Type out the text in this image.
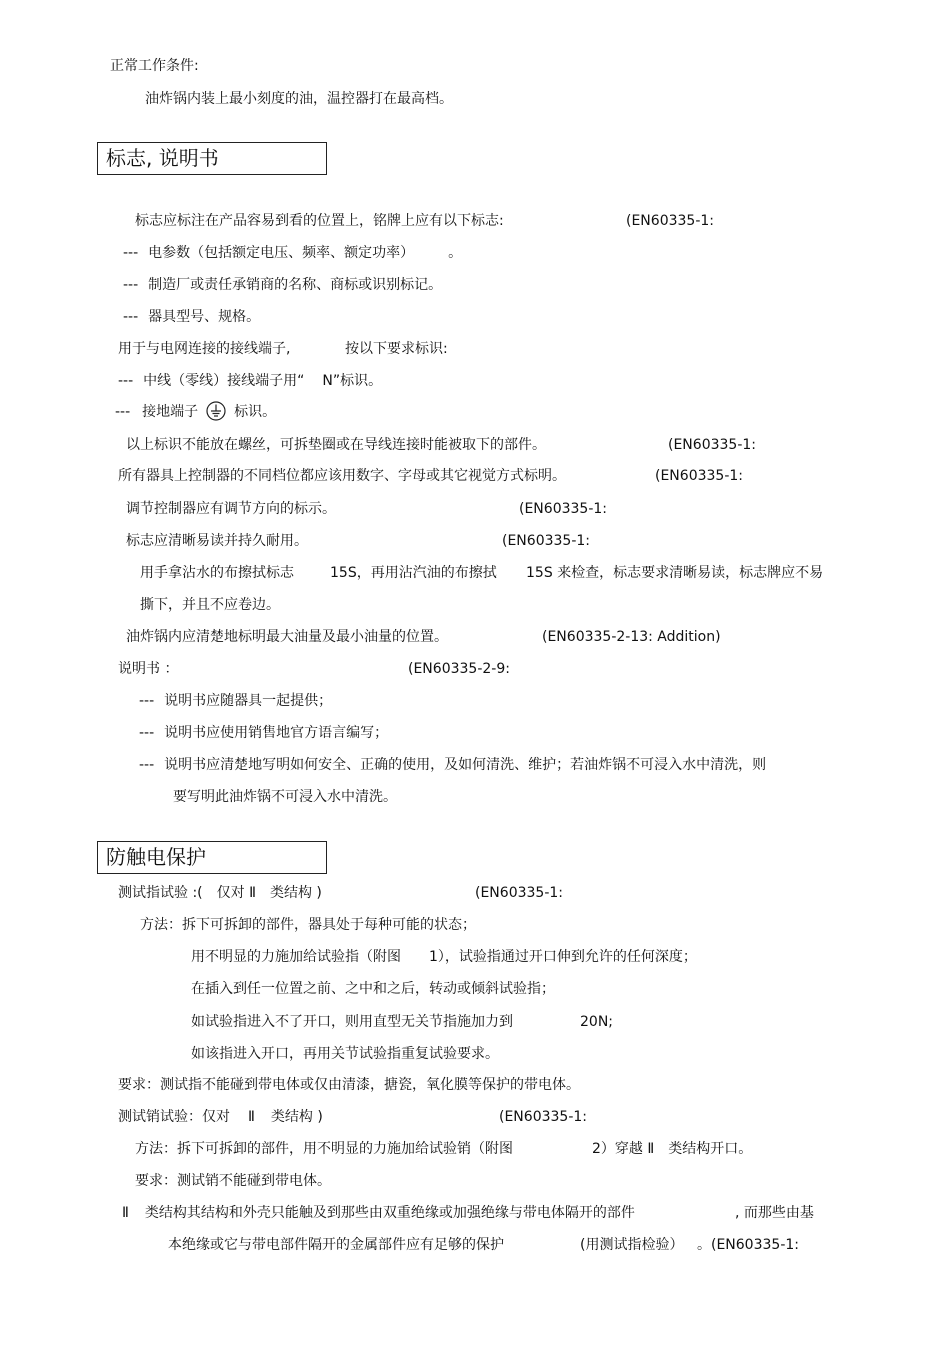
正常工作条件:
油炸锅内装上最小刻度的油，温控器打在最高档。
标志, 说明书
标志应标注在产品容易到看的位置上，铭牌上应有以下标志:	(EN60335-1:
--- 电参数（包括额定电压、频率、额定功率） 。
--- 制造厂或责任承销商的名称、商标或识别标记。
--- 器具型号、规格。
用于与电网连接的接线端子,	按以下要求标识:
--- 中线（零线）接线端子用“ N”标识。
--- 接地端子	标识。
以上标识不能放在螺丝，可拆垫圈或在导线连接时能被取下的部件。	(EN60335-1:
所有器具上控制器的不同档位都应该用数字、字母或其它视觉方式标明。	(EN60335-1:
调节控制器应有调节方向的标示。	(EN60335-1:
标志应清晰易读并持久耐用。	(EN60335-1:
用手拿沾水的布擦拭标志	15S，再用沾汽油的布擦拭 15S 来检查，标志要求清晰易读，标志牌应不易
撕下，并且不应卷边。
油炸锅内应清楚地标明最大油量及最小油量的位置。	(EN60335-2-13: Addition)
说明书 ：	(EN60335-2-9:
--- 说明书应随器具一起提供；
--- 说明书应使用销售地官方语言编写；
--- 说明书应清楚地写明如何安全、正确的使用，及如何清洗、维护；若油炸锅不可浸入水中清洗，则
要写明此油炸锅不可浸入水中清洗。
防触电保护
测试指试验 :( 仅对 Ⅱ 类结构 )	(EN60335-1:
方法：拆下可拆卸的部件，器具处于每种可能的状态；
用不明显的力施加给试验指（附图 1），试验指通过开口伸到允许的任何深度；
在插入到任一位置之前、之中和之后，转动或倾斜试验指；
如试验指进入不了开口，则用直型无关节指施加力到	20N;
如该指进入开口，再用关节试验指重复试验要求。
要求：测试指不能碰到带电体或仅由清漆，搪瓷，氧化膜等保护的带电体。
测试销试验：仅对 Ⅱ 类结构 )	(EN60335-1:
方法：拆下可拆卸的部件，用不明显的力施加给试验销（附图	2）穿越 Ⅱ 类结构开口。
要求：测试销不能碰到带电体。
Ⅱ 类结构其结构和外壳只能触及到那些由双重绝缘或加强绝缘与带电体隔开的部件	, 而那些由基
本绝缘或它与带电部件隔开的金属部件应有足够的保护	(用测试指检验） 。(EN60335-1:
